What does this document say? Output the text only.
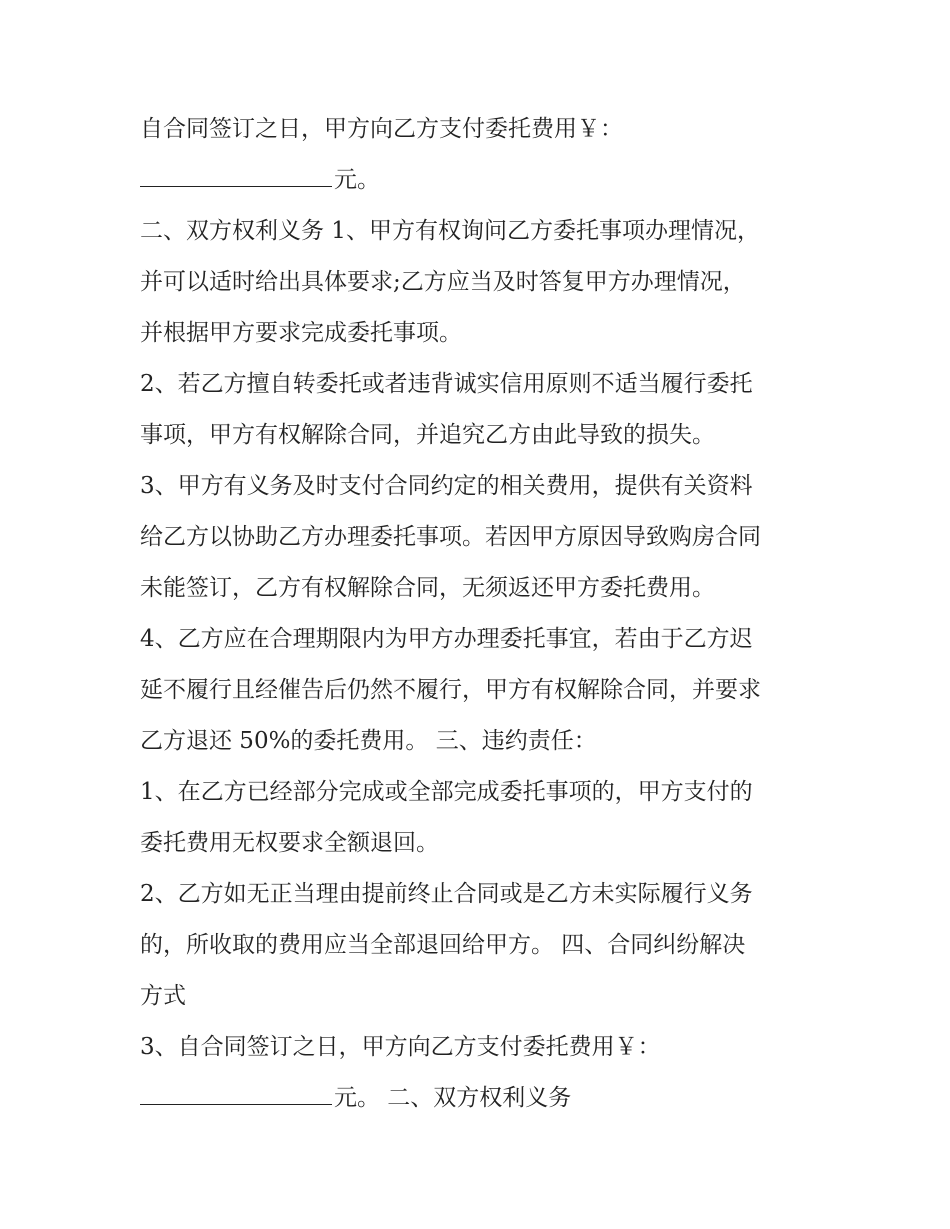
自合同签订之日，甲方向乙方支付委托费用￥：
元。
二、双方权利义务 1、甲方有权询问乙方委托事项办理情况，
并可以适时给出具体要求;乙方应当及时答复甲方办理情况，
并根据甲方要求完成委托事项。
2、若乙方擅自转委托或者违背诚实信用原则不适当履行委托
事项，甲方有权解除合同，并追究乙方由此导致的损失。
3、甲方有义务及时支付合同约定的相关费用，提供有关资料
给乙方以协助乙方办理委托事项。若因甲方原因导致购房合同
未能签订，乙方有权解除合同，无须返还甲方委托费用。
4、乙方应在合理期限内为甲方办理委托事宜，若由于乙方迟
延不履行且经催告后仍然不履行，甲方有权解除合同，并要求
乙方退还 50%的委托费用。 三、违约责任：
1、在乙方已经部分完成或全部完成委托事项的，甲方支付的
委托费用无权要求全额退回。
2、乙方如无正当理由提前终止合同或是乙方未实际履行义务
的，所收取的费用应当全部退回给甲方。 四、合同纠纷解决
方式
3、自合同签订之日，甲方向乙方支付委托费用￥：
元。 二、双方权利义务
